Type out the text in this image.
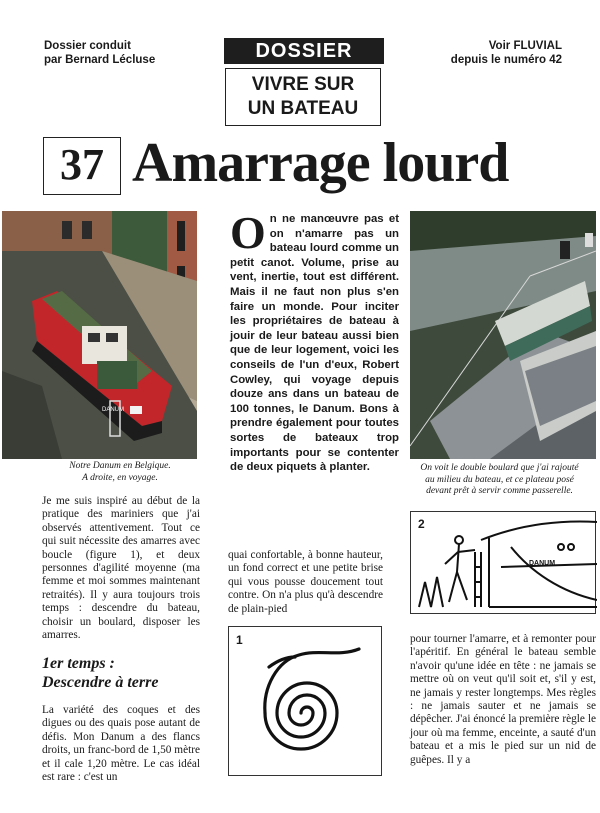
Dossier conduit
par Bernard Lécluse	DOSSIER
VIVRE SUR
UN BATEAU
Voir FLUVIAL
depuis le numéro 42
37 Amarrage lourd
DANUM
Notre Danum en Belgique.
A droite, en voyage.
O n ne manœuvre pas et on n'amarre pas un bateau lourd comme un petit canot. Volume, prise au vent, inertie, tout est différent. Mais il ne faut non plus s'en faire un monde. Pour inciter les propriétaires de bateau à jouir de leur bateau aussi bien que de leur logement, voici les conseils de l'un d'eux, Robert Cowley, qui voyage depuis douze ans dans un bateau de 100 tonnes, le Danum. Bons à prendre également pour toutes sortes de bateaux trop importants pour se contenter de deux piquets à planter.	On voit le double boulard que j'ai rajouté
au milieu du bateau, et ce plateau posé
devant prêt à servir comme passerelle.
Je me suis inspiré au début de la pratique des mariniers que j'ai observés attentivement. Tout ce qui suit nécessite des amarres avec boucle (figure 1), et deux personnes d'agilité moyenne (ma femme et moi sommes maintenant retraités). Il y aura toujours trois temps : descendre du bateau, choisir un boulard, disposer les amarres.
1er temps :
Descendre à terre
La variété des coques et des digues ou des quais pose autant de défis. Mon Danum a des flancs droits, un franc-bord de 1,50 mètre et il cale 1,20 mètre. Le cas idéal est rare : c'est un
quai confortable, à bonne hauteur, un fond correct et une petite brise qui vous pousse doucement tout contre. On n'a plus qu'à descendre de plain-pied
1
2
DANUM
pour tourner l'amarre, et à remonter pour l'apéritif. En général le bateau semble n'avoir qu'une idée en tête : ne jamais se mettre où on veut qu'il soit et, s'il y est, ne jamais y rester longtemps. Mes règles : ne jamais sauter et ne jamais se dépêcher. J'ai énoncé la première règle le jour où ma femme, enceinte, a sauté d'un bateau et a mis le pied sur un nid de guêpes. Il y a
